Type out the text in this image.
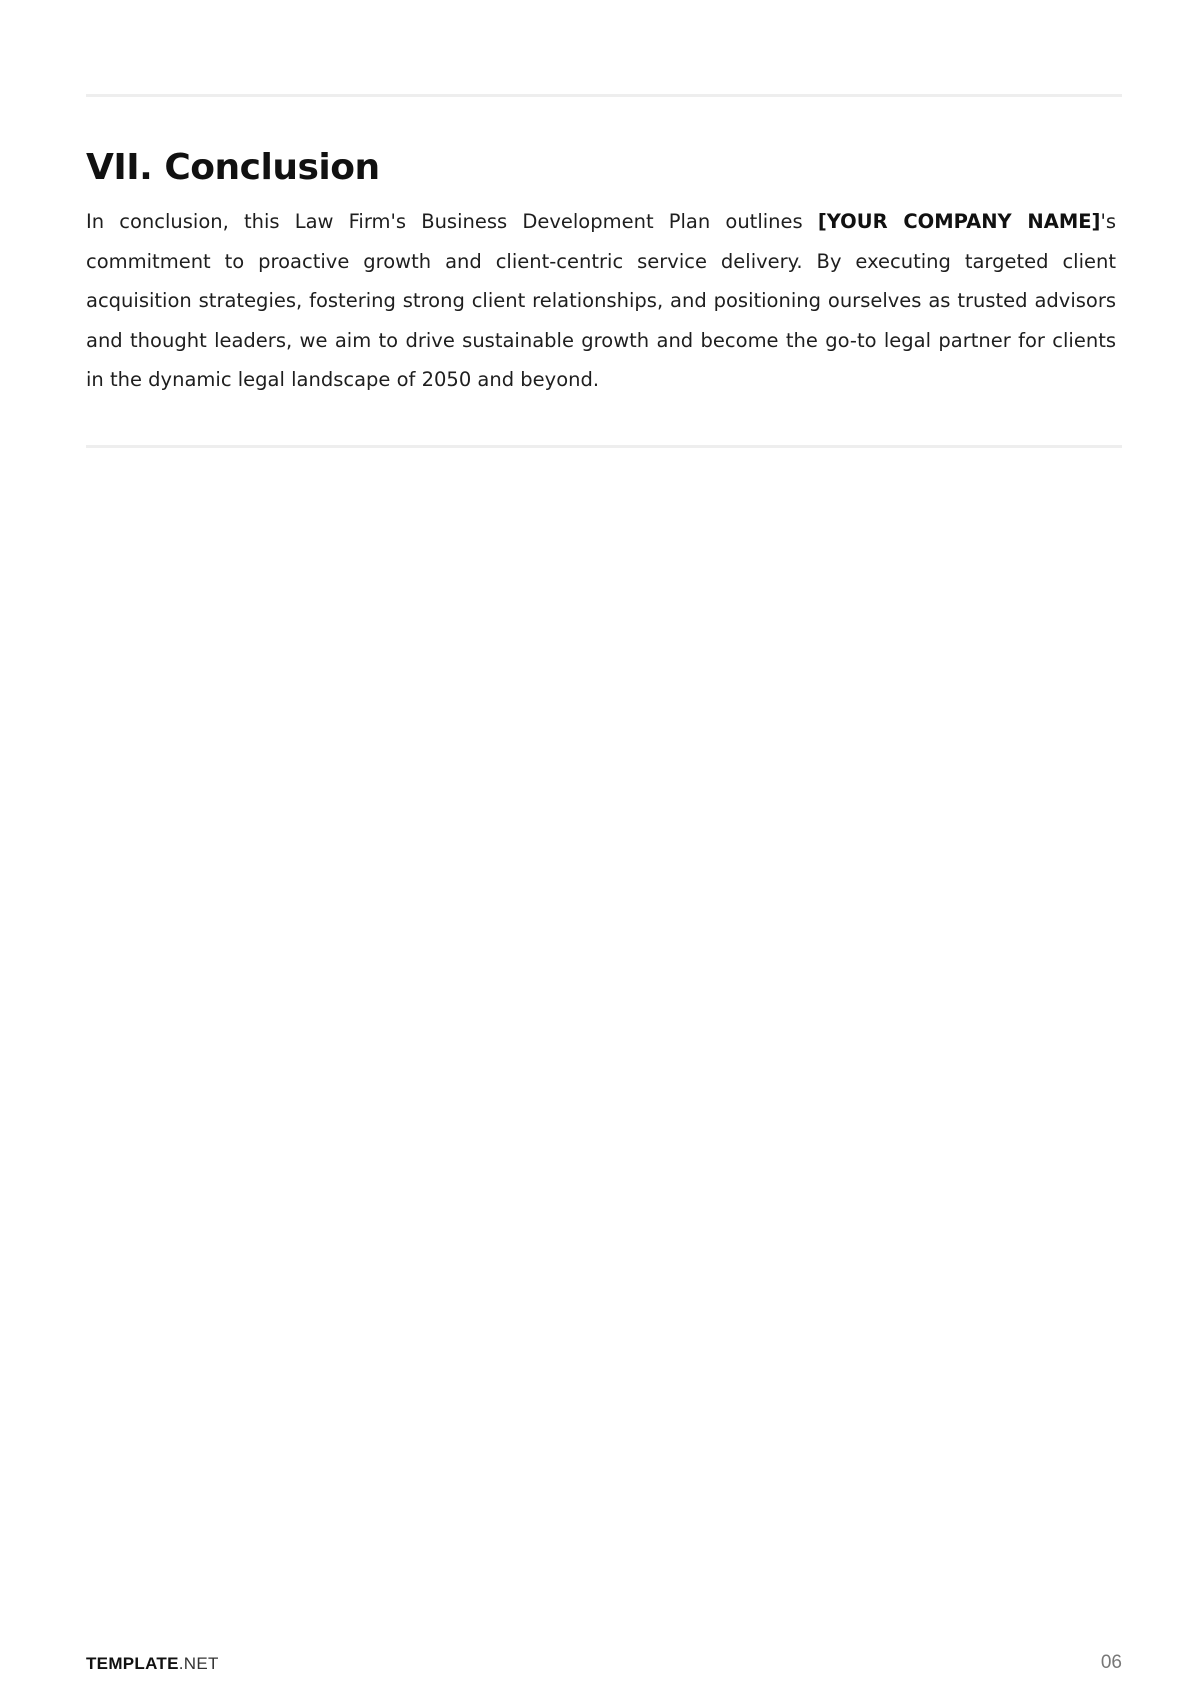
VII. Conclusion

In conclusion, this Law Firm's Business Development Plan outlines [YOUR COMPANY NAME]'s commitment to proactive growth and client-centric service delivery. By executing targeted client acquisition strategies, fostering strong client relationships, and positioning ourselves as trusted advisors and thought leaders, we aim to drive sustainable growth and become the go-to legal partner for clients in the dynamic legal landscape of 2050 and beyond.

TEMPLATE.NET	06
